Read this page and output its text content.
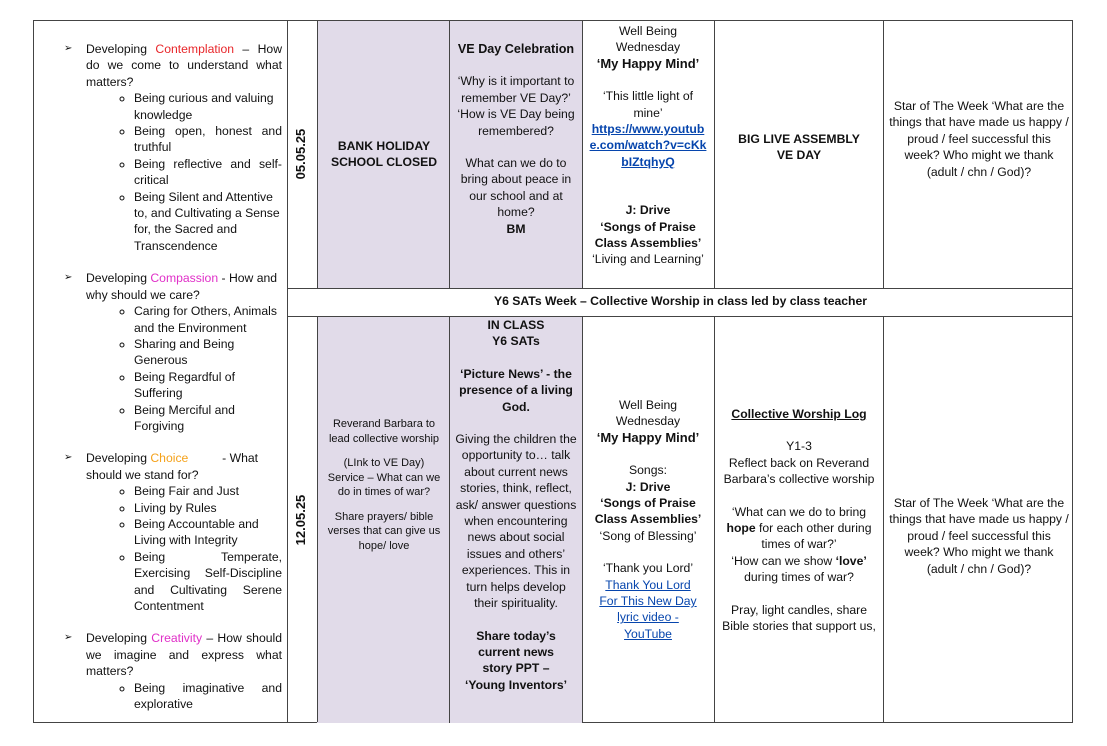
➢ Developing Contemplation – How do we come to understand what matters?
◦ Being curious and valuing knowledge
◦ Being open, honest and truthful
◦ Being reflective and self-critical
◦ Being Silent and Attentive to, and Cultivating a Sense for, the Sacred and Transcendence
➢ Developing Compassion - How and why should we care?
◦ Caring for Others, Animals and the Environment
◦ Sharing and Being Generous
◦ Being Regardful of Suffering
◦ Being Merciful and Forgiving
➢ Developing Choice          - What should we stand for?
◦ Being Fair and Just
◦ Living by Rules
◦ Being Accountable and Living with Integrity
◦ Being Temperate, Exercising Self-Discipline and Cultivating Serene Contentment
➢ Developing Creativity – How should we imagine and express what matters?
◦ Being imaginative and explorative
05.05.25	BANK HOLIDAY
SCHOOL CLOSED
VE Day Celebration
‘Why is it important to remember VE Day?’
‘How is VE Day being remembered?
What can we do to bring about peace in our school and at home?
BM
Well Being Wednesday
‘My Happy Mind’
‘This little light of mine’
https://www.youtube.com/watch?v=cKkbIZtqhyQ
J: Drive
‘Songs of Praise Class Assemblies’
‘Living and Learning’
BIG LIVE ASSEMBLY
VE DAY
Star of The Week ‘What are the things that have made us happy / proud / feel successful this week? Who might we thank (adult / chn / God)?
Y6 SATs Week – Collective Worship in class led by class teacher
12.05.25
Reverand Barbara to lead collective worship
(LInk to VE Day)
Service – What can we do in times of war?
Share prayers/ bible verses that can give us hope/ love
IN CLASS
Y6 SATs
‘Picture News’ - the presence of a living God.
Giving the children the opportunity to… talk about current news stories, think, reflect, ask/ answer questions when encountering news about social issues and others’ experiences. This in turn helps develop their spirituality.
Share today’s current news story PPT – ‘Young Inventors’
Well Being Wednesday
‘My Happy Mind’
Songs:
J: Drive
‘Songs of Praise Class Assemblies’
‘Song of Blessing’
‘Thank you Lord’
Thank You Lord For This New Day lyric video - YouTube
Collective Worship Log
Y1-3
Reflect back on Reverand Barbara’s collective worship
‘What can we do to bring hope for each other during times of war?’
‘How can we show ‘love’ during times of war?
Pray, light candles, share Bible stories that support us,
Star of The Week ‘What are the things that have made us happy / proud / feel successful this week? Who might we thank (adult / chn / God)?
